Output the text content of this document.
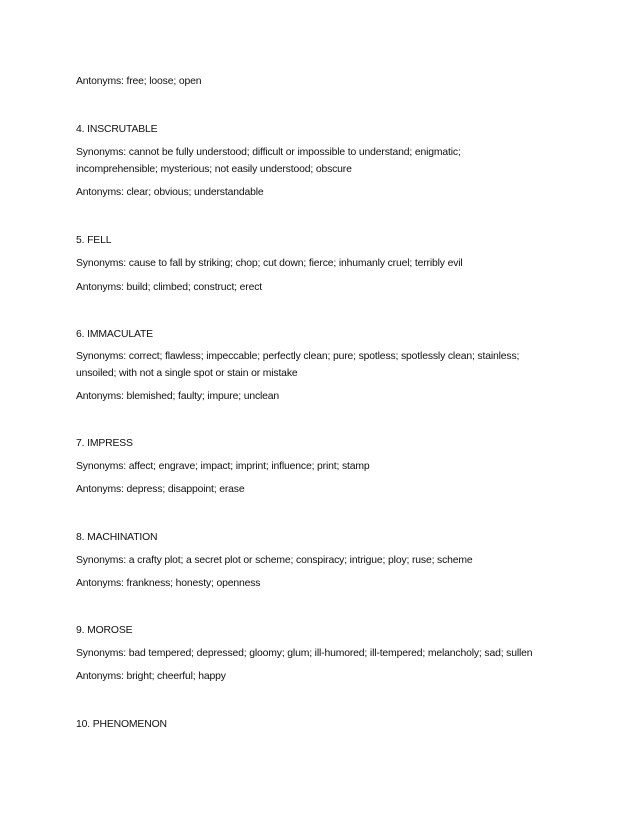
Antonyms: free; loose; open
4. INSCRUTABLE
Synonyms: cannot be fully understood; difficult or impossible to understand; enigmatic;
incomprehensible; mysterious; not easily understood; obscure
Antonyms: clear; obvious; understandable
5. FELL
Synonyms: cause to fall by striking; chop; cut down; fierce; inhumanly cruel; terribly evil
Antonyms: build; climbed; construct; erect
6. IMMACULATE
Synonyms: correct; flawless; impeccable; perfectly clean; pure; spotless; spotlessly clean; stainless;
unsoiled; with not a single spot or stain or mistake
Antonyms: blemished; faulty; impure; unclean
7. IMPRESS
Synonyms: affect; engrave; impact; imprint; influence; print; stamp
Antonyms: depress; disappoint; erase
8. MACHINATION
Synonyms: a crafty plot; a secret plot or scheme; conspiracy; intrigue; ploy; ruse; scheme
Antonyms: frankness; honesty; openness
9. MOROSE
Synonyms: bad tempered; depressed; gloomy; glum; ill-humored; ill-tempered; melancholy; sad; sullen
Antonyms: bright; cheerful; happy
10. PHENOMENON
